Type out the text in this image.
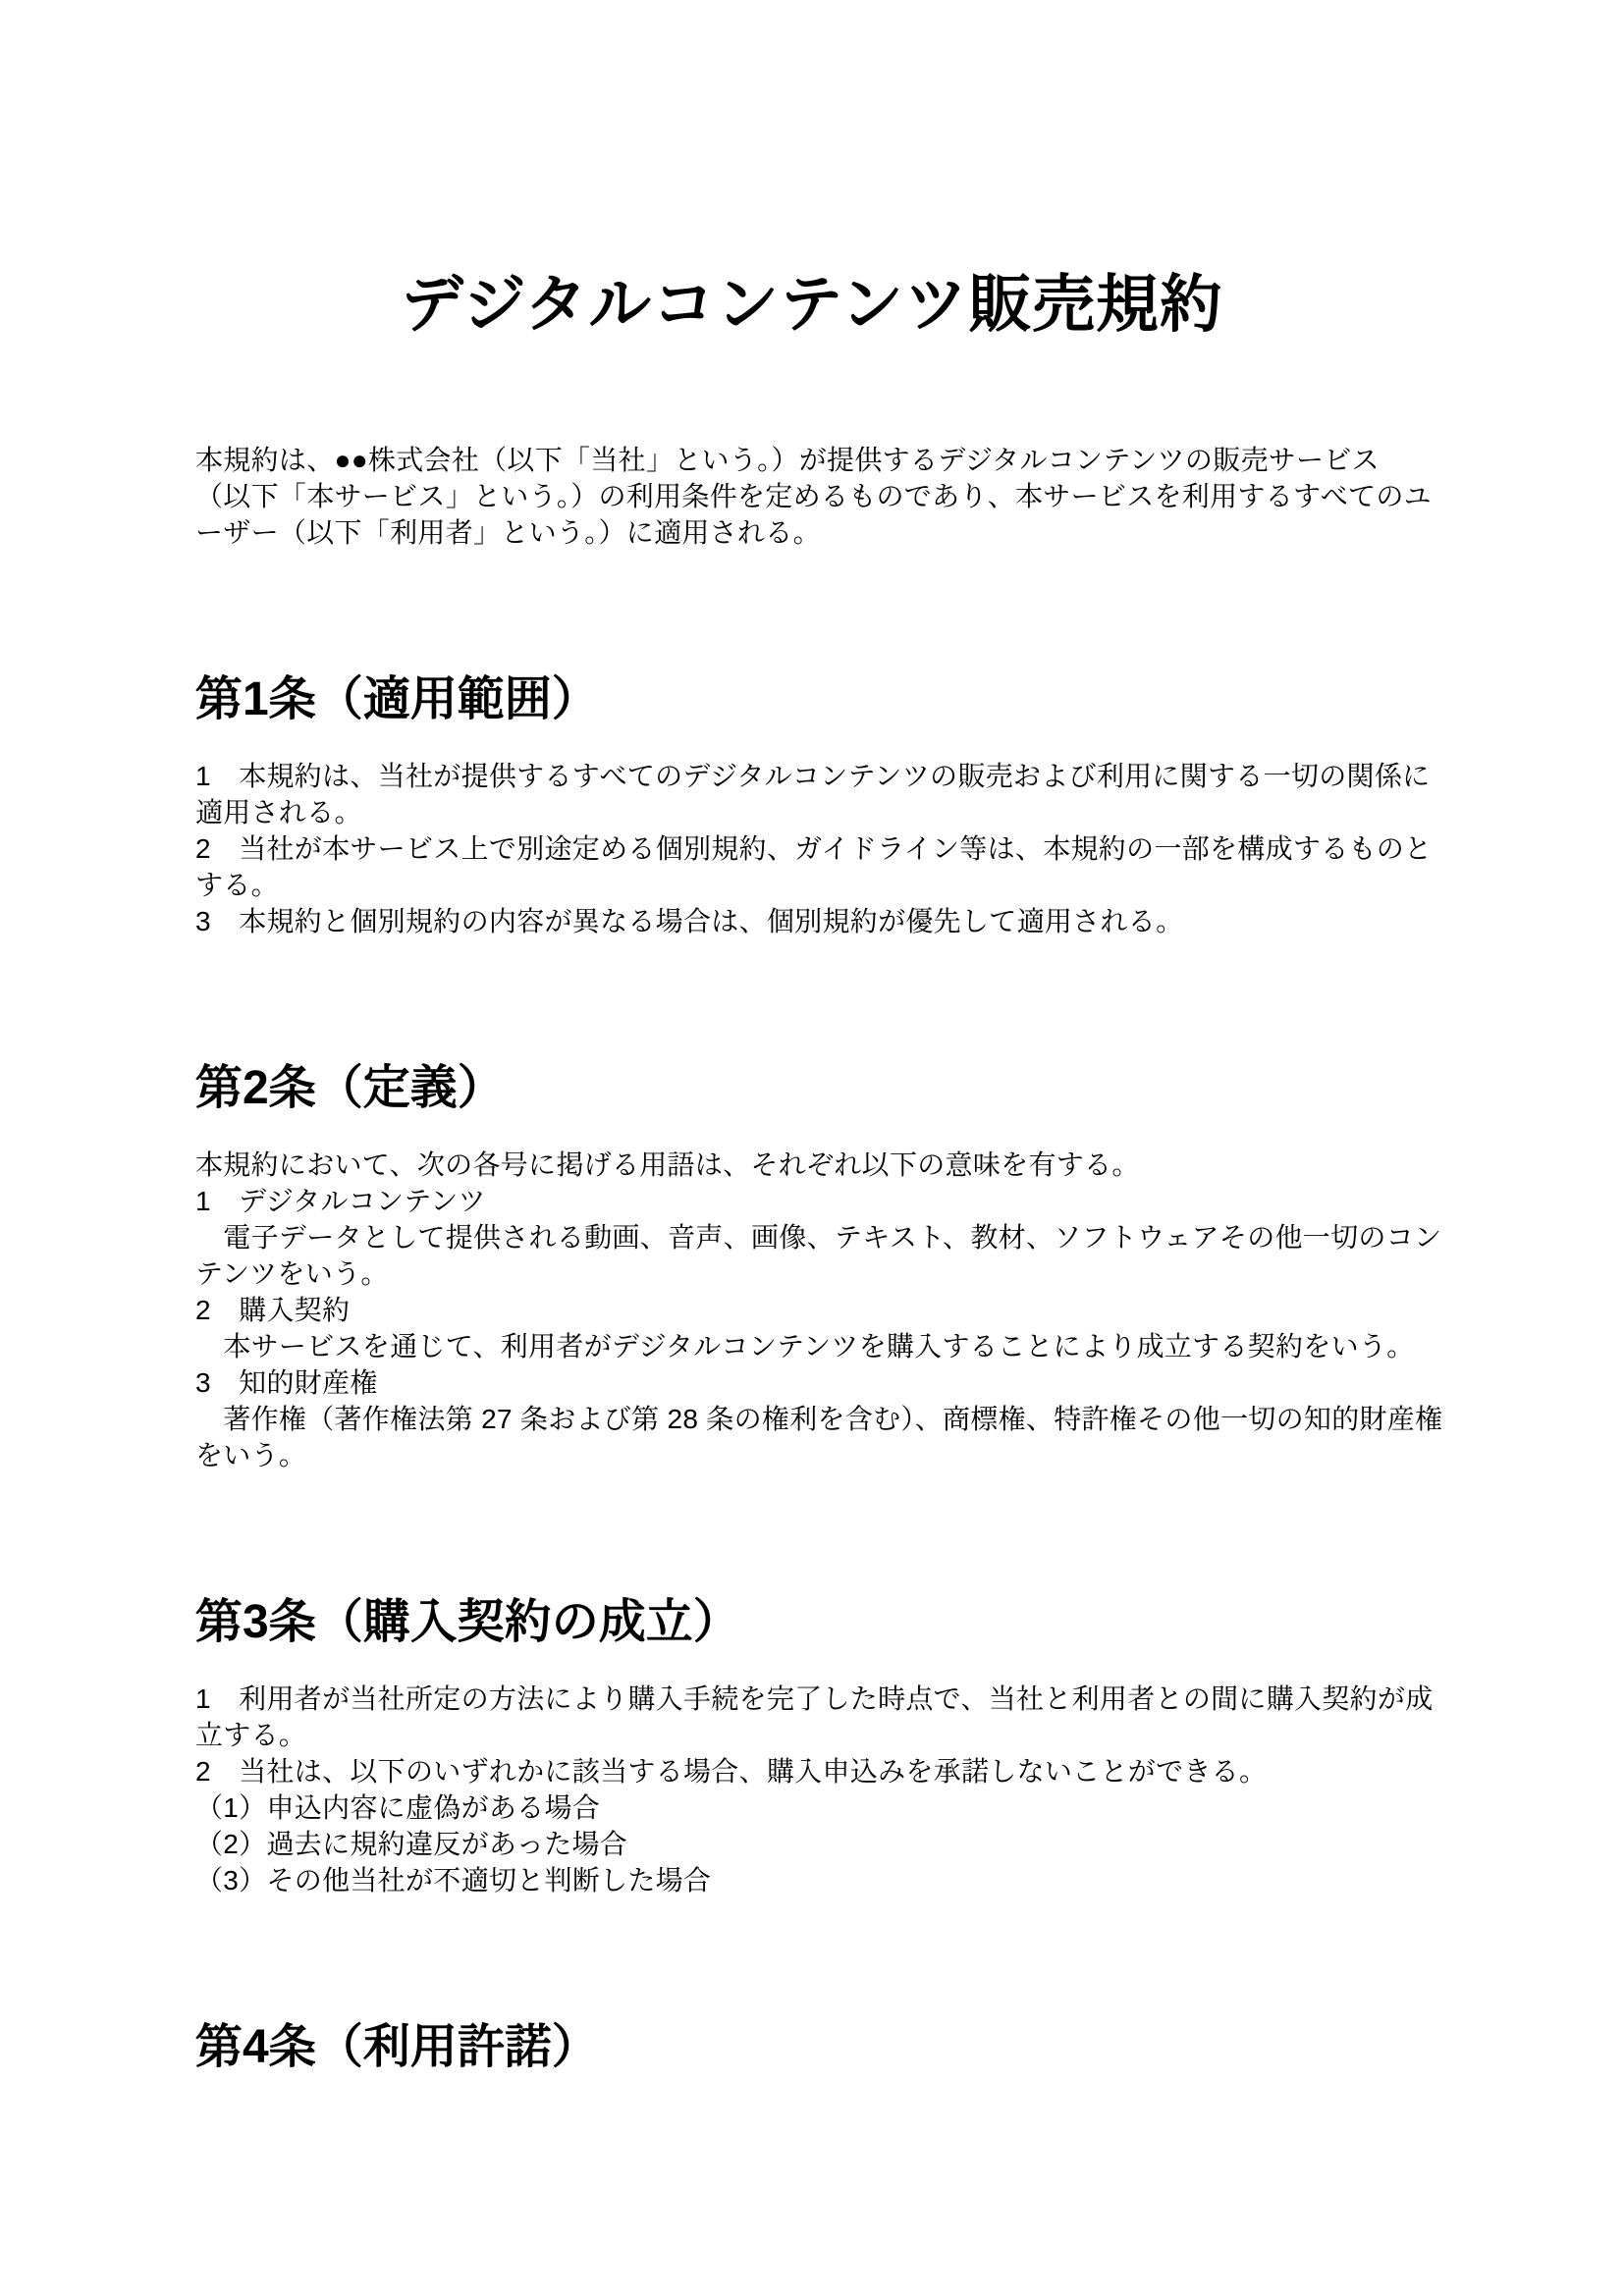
デジタルコンテンツ販売規約
本規約は、●●株式会社（以下「当社」という。）が提供するデジタルコンテンツの販売サービス
（以下「本サービス」という。）の利用条件を定めるものであり、本サービスを利用するすべてのユ
ーザー（以下「利用者」という。）に適用される。
第1条（適用範囲）
1　本規約は、当社が提供するすべてのデジタルコンテンツの販売および利用に関する一切の関係に
適用される。
2　当社が本サービス上で別途定める個別規約、ガイドライン等は、本規約の一部を構成するものと
する。
3　本規約と個別規約の内容が異なる場合は、個別規約が優先して適用される。
第2条（定義）
本規約において、次の各号に掲げる用語は、それぞれ以下の意味を有する。
1　デジタルコンテンツ
　電子データとして提供される動画、音声、画像、テキスト、教材、ソフトウェアその他一切のコン
テンツをいう。
2　購入契約
　本サービスを通じて、利用者がデジタルコンテンツを購入することにより成立する契約をいう。
3　知的財産権
　著作権（著作権法第 27 条および第 28 条の権利を含む）、商標権、特許権その他一切の知的財産権
をいう。
第3条（購入契約の成立）
1　利用者が当社所定の方法により購入手続を完了した時点で、当社と利用者との間に購入契約が成
立する。
2　当社は、以下のいずれかに該当する場合、購入申込みを承諾しないことができる。
（1）申込内容に虚偽がある場合
（2）過去に規約違反があった場合
（3）その他当社が不適切と判断した場合
第4条（利用許諾）
